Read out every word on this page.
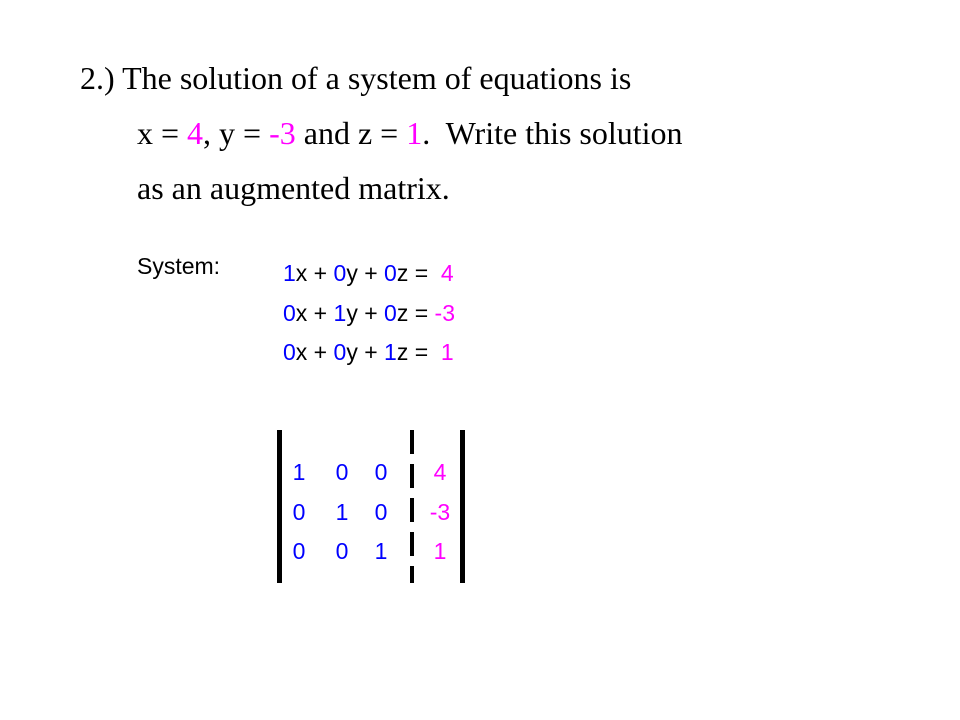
2.) The solution of a system of equations is
x = 4, y = -3 and z = 1.  Write this solution
as an augmented matrix.
System:	1x + 0y + 0z =  4
0x + 1y + 0z = -3
0x + 0y + 1z =  1
1	0	0	4
0	1	0	-3
0	0	1	1
